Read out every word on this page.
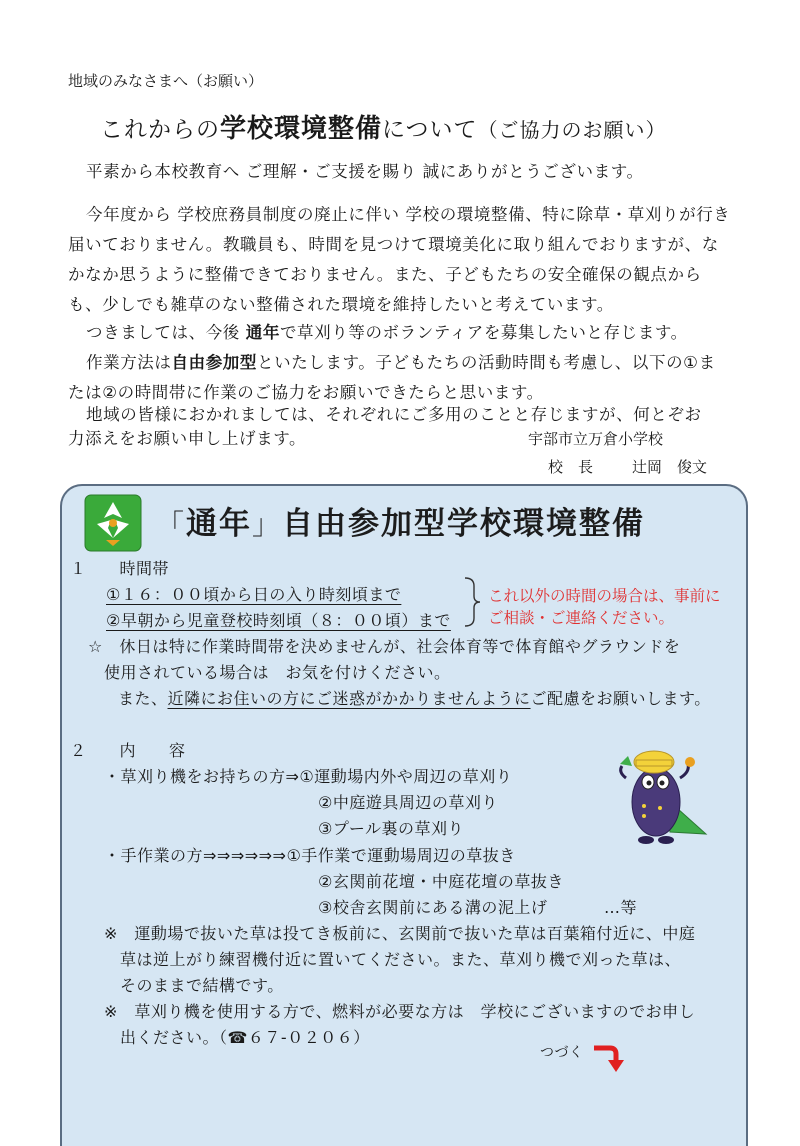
地域のみなさまへ（お願い）
これからの学校環境整備について（ご協力のお願い）
平素から本校教育へ ご理解・ご支援を賜り 誠にありがとうございます。
今年度から 学校庶務員制度の廃止に伴い 学校の環境整備、特に除草・草刈りが行き届いておりません。教職員も、時間を見つけて環境美化に取り組んでおりますが、なかなか思うように整備できておりません。また、子どもたちの安全確保の観点からも、少しでも雑草のない整備された環境を維持したいと考えています。
つきましては、今後 通年で草刈り等のボランティアを募集したいと存じます。
作業方法は自由参加型といたします。子どもたちの活動時間も考慮し、以下の①または②の時間帯に作業のご協力をお願いできたらと思います。
地域の皆様におかれましては、それぞれにご多用のことと存じますが、何とぞお
力添えをお願い申し上げます。	宇部市立万倉小学校
校　長	辻岡　俊文
「通年」自由参加型学校環境整備
１　　時間帯
①１６：００頃から日の入り時刻頃まで
②早朝から児童登校時刻頃（８：００頃）まで
これ以外の時間の場合は、事前に
ご相談・ご連絡ください。
☆　休日は特に作業時間帯を決めませんが、社会体育等で体育館やグラウンドを
使用されている場合は　お気を付けください。
また、近隣にお住いの方にご迷惑がかかりませんようにご配慮をお願いします。
２　　内　　容
・草刈り機をお持ちの方⇒①運動場内外や周辺の草刈り
②中庭遊具周辺の草刈り
③プール裏の草刈り
・手作業の方⇒⇒⇒⇒⇒⇒①手作業で運動場周辺の草抜き
②玄関前花壇・中庭花壇の草抜き
③校舎玄関前にある溝の泥上げ	…等
※　運動場で抜いた草は投てき板前に、玄関前で抜いた草は百葉箱付近に、中庭
草は逆上がり練習機付近に置いてください。また、草刈り機で刈った草は、
そのままで結構です。
※　草刈り機を使用する方で、燃料が必要な方は　学校にございますのでお申し
出ください。（☎６７-０２０６）
つづく
